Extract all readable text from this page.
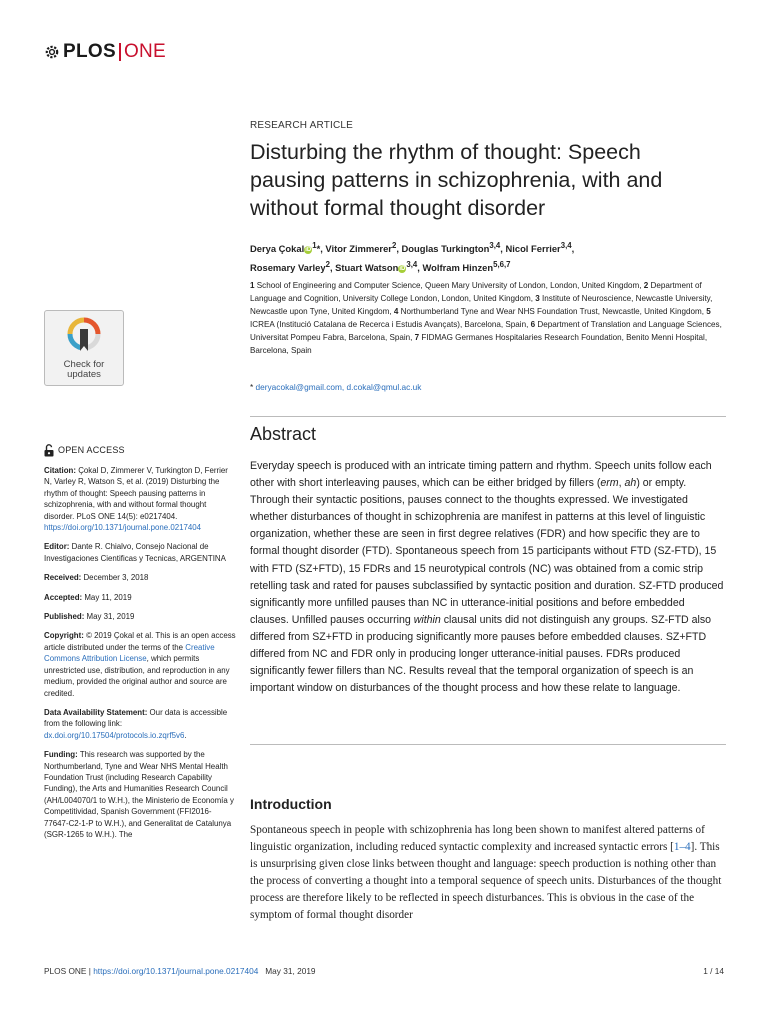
PLOS ONE
Check for
updates
RESEARCH ARTICLE
Disturbing the rhythm of thought: Speech pausing patterns in schizophrenia, with and without formal thought disorder
Derya ÇokaliD$^1$*, Vitor Zimmerer$^2$, Douglas Turkington$^{3,4}$, Nicol Ferrier$^{3,4}$,
Rosemary Varley$^2$, Stuart WatsoniD$^{3,4}$, Wolfram Hinzen$^{5,6,7}$
1 School of Engineering and Computer Science, Queen Mary University of London, London, United Kingdom, 2 Department of Language and Cognition, University College London, London, United Kingdom, 3 Institute of Neuroscience, Newcastle University, Newcastle upon Tyne, United Kingdom, 4 Northumberland Tyne and Wear NHS Foundation Trust, Newcastle, United Kingdom, 5 ICREA (Institució Catalana de Recerca i Estudis Avançats), Barcelona, Spain, 6 Department of Translation and Language Sciences, Universitat Pompeu Fabra, Barcelona, Spain, 7 FIDMAG Germanes Hospitalaries Research Foundation, Benito Menni Hospital, Barcelona, Spain
* deryacokal@gmail.com, d.cokal@qmul.ac.uk
OPEN ACCESS

Citation: Çokal D, Zimmerer V, Turkington D, Ferrier N, Varley R, Watson S, et al. (2019) Disturbing the rhythm of thought: Speech pausing patterns in schizophrenia, with and without formal thought disorder. PLoS ONE 14(5): e0217404. https://doi.org/10.1371/journal.pone.0217404

Editor: Dante R. Chialvo, Consejo Nacional de Investigaciones Cientificas y Tecnicas, ARGENTINA

Received: December 3, 2018

Accepted: May 11, 2019

Published: May 31, 2019

Copyright: © 2019 Çokal et al. This is an open access article distributed under the terms of the Creative Commons Attribution License, which permits unrestricted use, distribution, and reproduction in any medium, provided the original author and source are credited.

Data Availability Statement: Our data is accessible from the following link: dx.doi.org/10.17504/protocols.io.zqrf5v6.

Funding: This research was supported by the Northumberland, Tyne and Wear NHS Mental Health Foundation Trust (including Research Capability Funding), the Arts and Humanities Research Council (AH/L004070/1 to W.H.), the Ministerio de Economía y Competitividad, Spanish Government (FFI2016-77647-C2-1-P to W.H.), and Generalitat de Catalunya (SGR-1265 to W.H.). The

Abstract
Everyday speech is produced with an intricate timing pattern and rhythm. Speech units follow each other with short interleaving pauses, which can be either bridged by fillers (erm, ah) or empty. Through their syntactic positions, pauses connect to the thoughts expressed. We investigated whether disturbances of thought in schizophrenia are manifest in patterns at this level of linguistic organization, whether these are seen in first degree relatives (FDR) and how specific they are to formal thought disorder (FTD). Spontaneous speech from 15 participants without FTD (SZ-FTD), 15 with FTD (SZ+FTD), 15 FDRs and 15 neurotypical controls (NC) was obtained from a comic strip retelling task and rated for pauses subclassified by syntactic position and duration. SZ-FTD produced significantly more unfilled pauses than NC in utterance-initial positions and before embedded clauses. Unfilled pauses occurring within clausal units did not distinguish any groups. SZ-FTD also differed from SZ+FTD in producing significantly more pauses before embedded clauses. SZ+FTD differed from NC and FDR only in producing longer utterance-initial pauses. FDRs produced significantly fewer fillers than NC. Results reveal that the temporal organization of speech is an important window on disturbances of the thought process and how these relate to language.
Introduction
Spontaneous speech in people with schizophrenia has long been shown to manifest altered patterns of linguistic organization, including reduced syntactic complexity and increased syntactic errors [1–4]. This is unsurprising given close links between thought and language: speech production is nothing other than the process of converting a thought into a temporal sequence of speech units. Disturbances of the thought process are therefore likely to be reflected in speech disturbances. This is obvious in the case of the symptom of formal thought disorder
PLOS ONE | https://doi.org/10.1371/journal.pone.0217404 May 31, 2019	1 / 14
